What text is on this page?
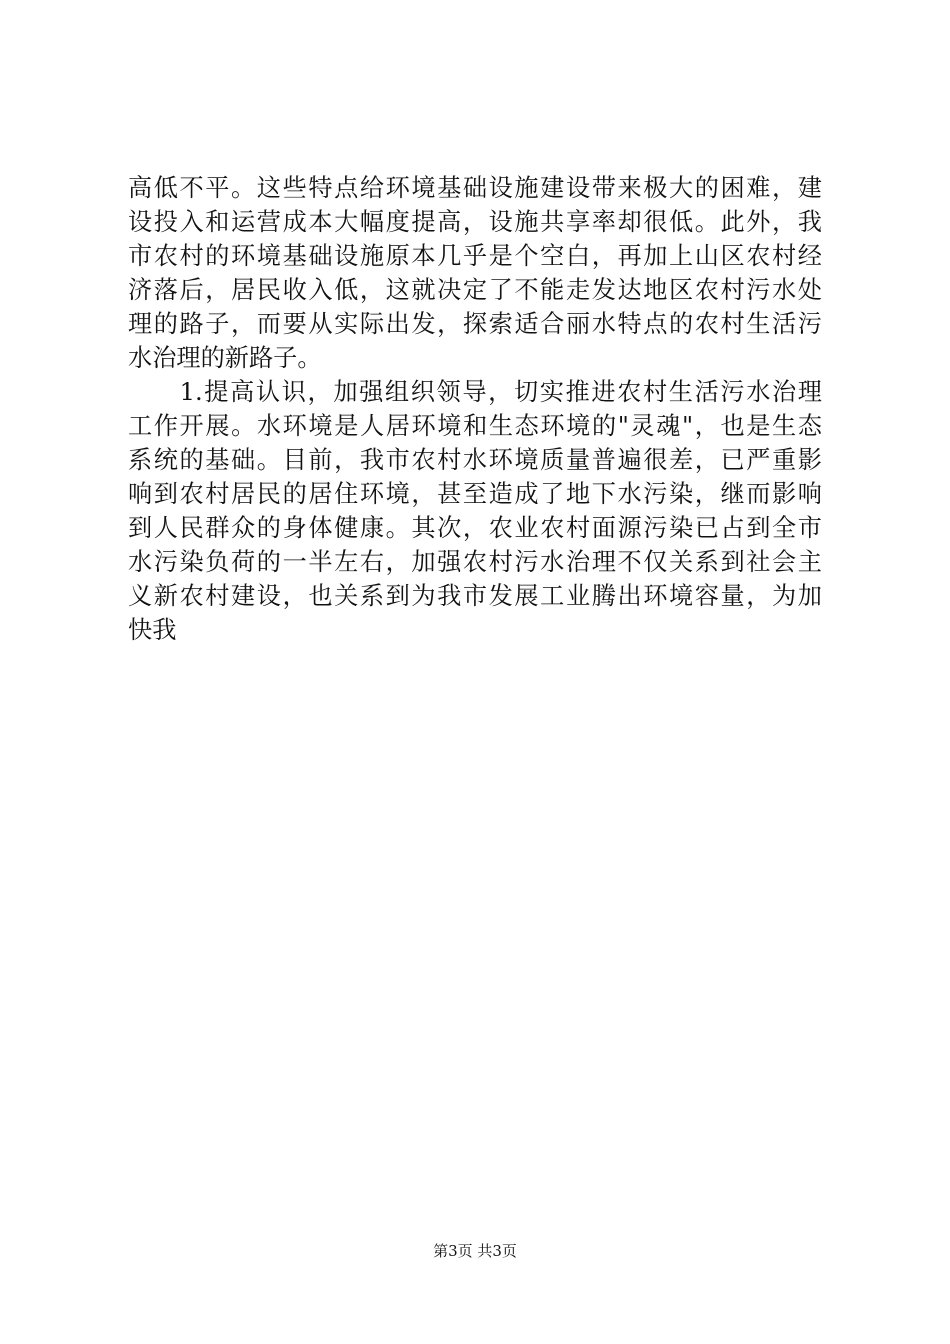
高低不平。这些特点给环境基础设施建设带来极大的困难，建
设投入和运营成本大幅度提高，设施共享率却很低。此外，我
市农村的环境基础设施原本几乎是个空白，再加上山区农村经
济落后，居民收入低，这就决定了不能走发达地区农村污水处
理的路子，而要从实际出发，探索适合丽水特点的农村生活污
水治理的新路子。
　　1.提高认识，加强组织领导，切实推进农村生活污水治理
工作开展。水环境是人居环境和生态环境的"灵魂"，也是生态
系统的基础。目前，我市农村水环境质量普遍很差，已严重影
响到农村居民的居住环境，甚至造成了地下水污染，继而影响
到人民群众的身体健康。其次，农业农村面源污染已占到全市
水污染负荷的一半左右，加强农村污水治理不仅关系到社会主
义新农村建设，也关系到为我市发展工业腾出环境容量，为加
快我
第3页 共3页
